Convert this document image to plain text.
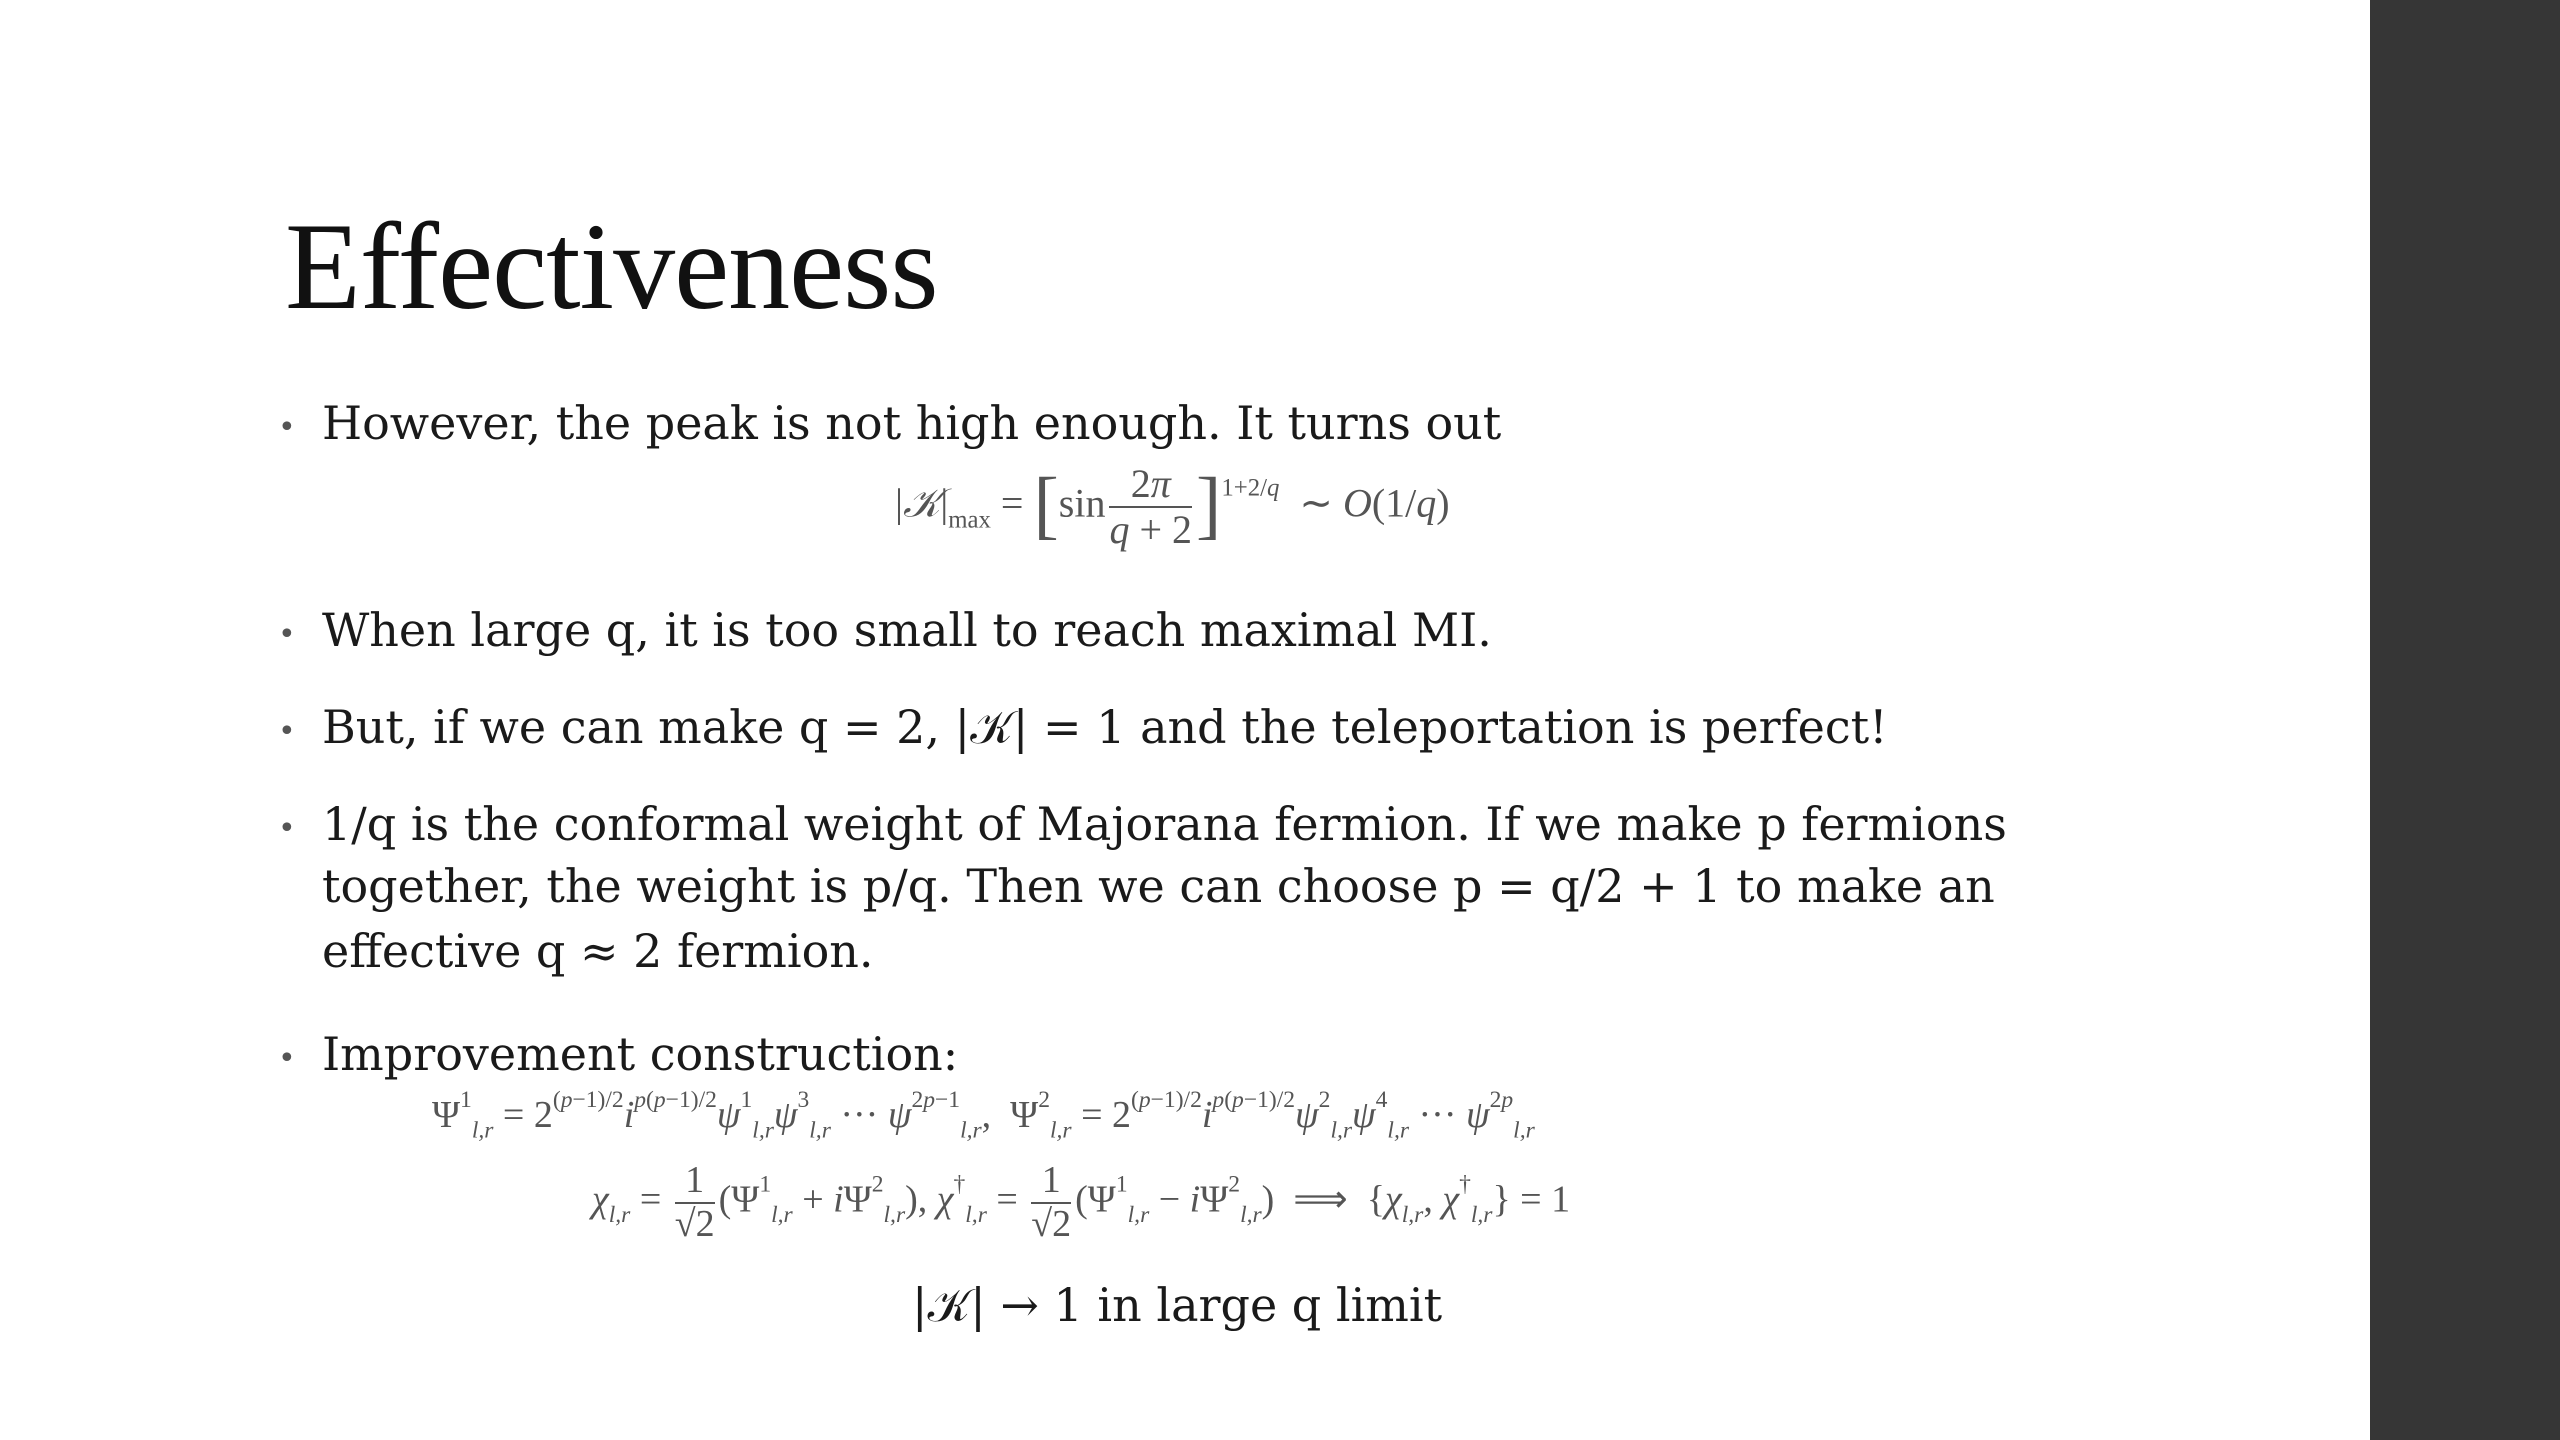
Effectiveness
• However, the peak is not high enough. It turns out
$|𝒦|_{max} = [\sin \frac{2\pi}{q + 2} ]^{1+2/q}$  ∼ O(1/q)
• When large q, it is too small to reach maximal MI.
• But, if we can make q = 2, |𝒦| = 1 and the teleportation is perfect!
• 1/q is the conformal weight of Majorana fermion. If we make p fermions
together, the weight is p/q. Then we can choose p = q/2 + 1 to make an
effective q ≈ 2 fermion.
• Improvement construction:
$\Psi^1_{l,r} = 2^{(p-1)/2}i^{p(p-1)/2}\psi^1_{l,r}\psi^3_{l,r}$ ··· $\psi^{2p-1}_{l,r}$,  $\Psi^2_{l,r} = 2^{(p-1)/2}i^{p(p-1)/2}\psi^2_{l,r}\psi^4_{l,r}$ ··· $\psi^{2p}_{l,r}$
$\chi_{l,r} = \frac{1}{√2} (\Psi^1_{l,r} + i\Psi^2_{l,r})$, $\chi^\dagger_{l,r} = \frac{1}{√2} (\Psi^1_{l,r} - i\Psi^2_{l,r})$  ⟹  {$\chi_{l,r}$, $\chi^\dagger_{l,r}\} = 1$
|𝒦| → 1 in large q limit
